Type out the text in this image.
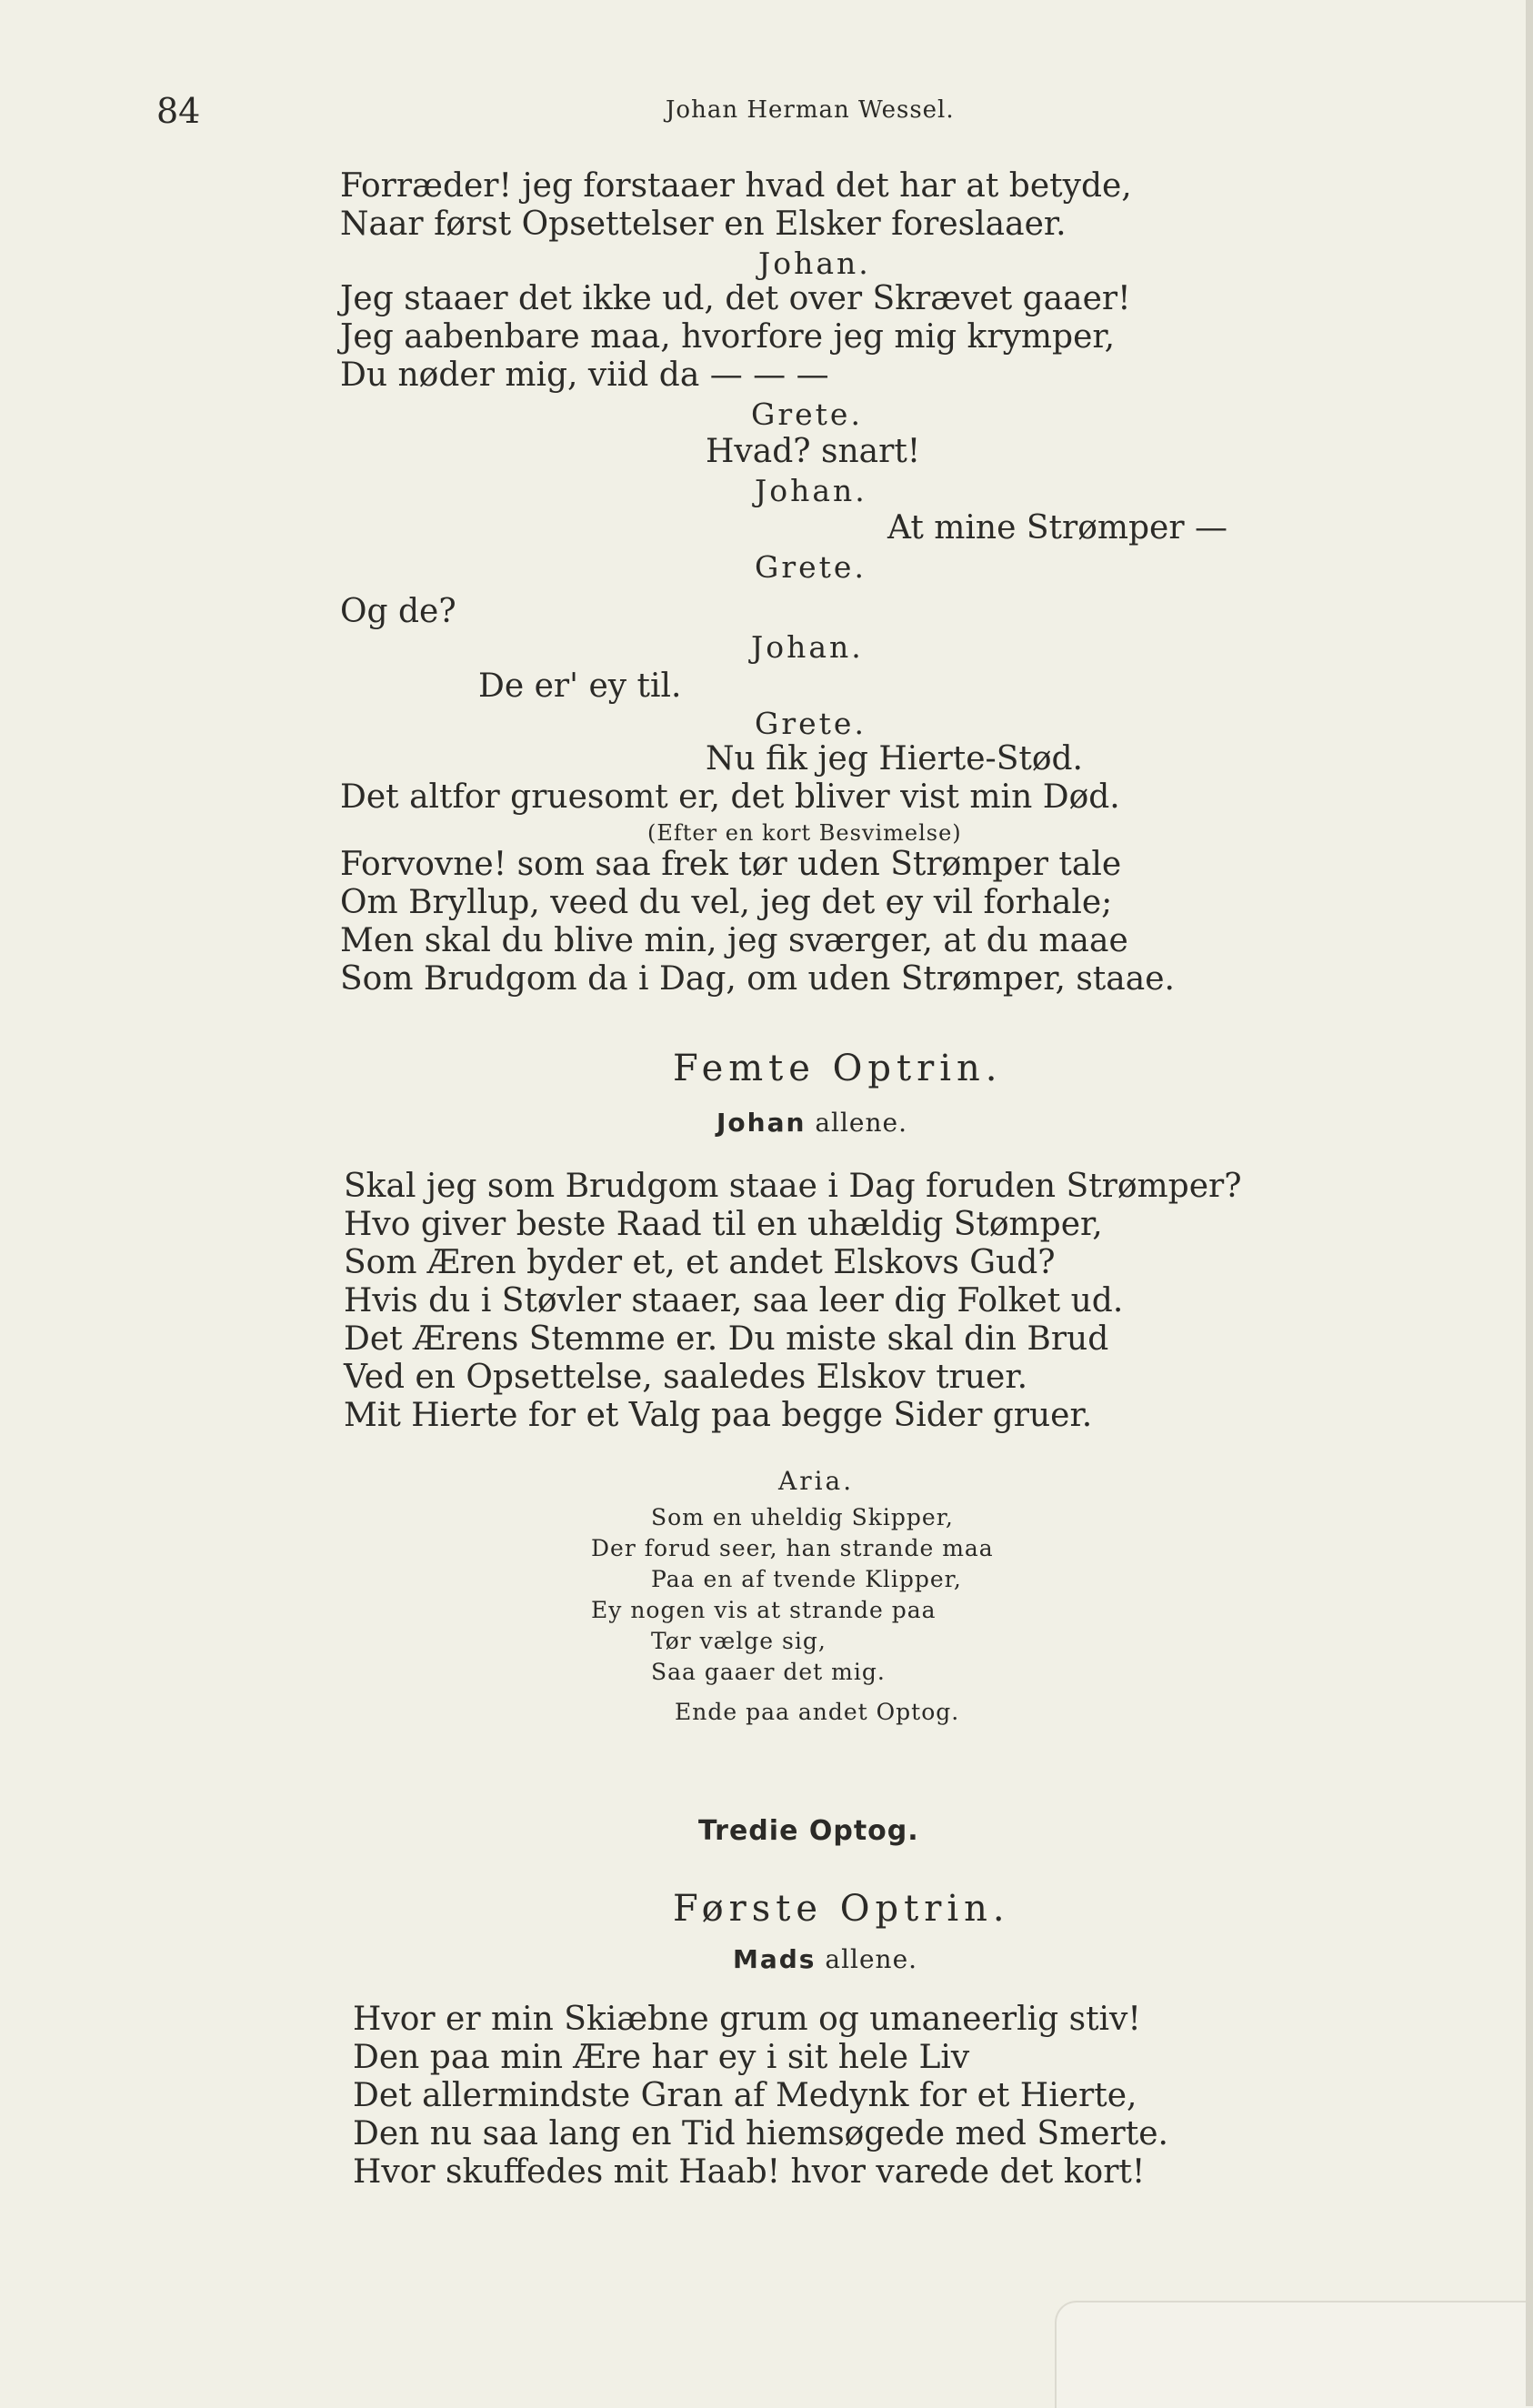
84	Johan Herman Wessel.
Forræder! jeg forstaaer hvad det har at betyde,
Naar først Opsettelser en Elsker foreslaaer.
Johan.
Jeg staaer det ikke ud, det over Skrævet gaaer!
Jeg aabenbare maa, hvorfore jeg mig krymper,
Du nøder mig, viid da — — —
Grete.
Hvad? snart!
Johan.
At mine Strømper —
Grete.
Og de?
Johan.
De er' ey til.
Grete.
Nu fik jeg Hierte-Stød.
Det altfor gruesomt er, det bliver vist min Død.
(Efter en kort Besvimelse)
Forvovne! som saa frek tør uden Strømper tale
Om Bryllup, veed du vel, jeg det ey vil forhale;
Men skal du blive min, jeg sværger, at du maae
Som Brudgom da i Dag, om uden Strømper, staae.
Femte Optrin.
Johan allene.
Skal jeg som Brudgom staae i Dag foruden Strømper?
Hvo giver beste Raad til en uhældig Stømper,
Som Æren byder et, et andet Elskovs Gud?
Hvis du i Støvler staaer, saa leer dig Folket ud.
Det Ærens Stemme er. Du miste skal din Brud
Ved en Opsettelse, saaledes Elskov truer.
Mit Hierte for et Valg paa begge Sider gruer.
Aria.
Som en uheldig Skipper,
Der forud seer, han strande maa
Paa en af tvende Klipper,
Ey nogen vis at strande paa
Tør vælge sig,
Saa gaaer det mig.
Ende paa andet Optog.
Tredie Optog.
Første Optrin.
Mads allene.
Hvor er min Skiæbne grum og umaneerlig stiv!
Den paa min Ære har ey i sit hele Liv
Det allermindste Gran af Medynk for et Hierte,
Den nu saa lang en Tid hiemsøgede med Smerte.
Hvor skuffedes mit Haab! hvor varede det kort!
